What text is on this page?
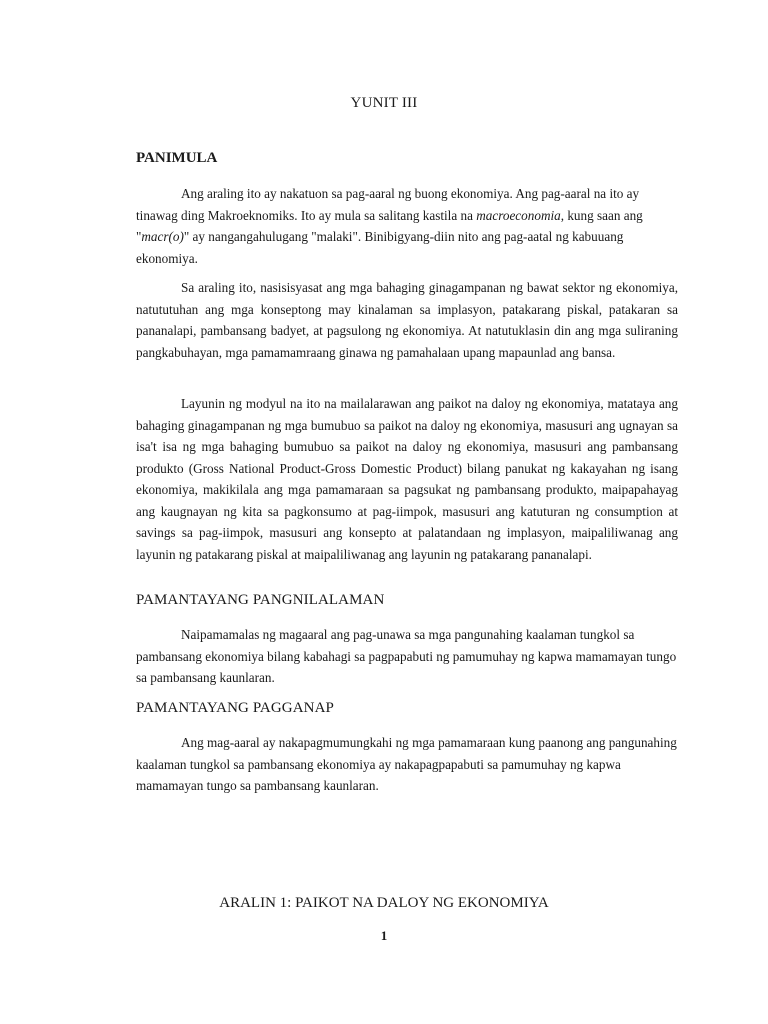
YUNIT III
PANIMULA

Ang araling ito ay nakatuon sa pag-aaral ng buong ekonomiya. Ang pag-aaral na ito ay tinawag ding Makroeknomiks. Ito ay mula sa salitang kastila na macroeconomia, kung saan ang "macr(o)" ay nangangahulugang "malaki". Binibigyang-diin nito ang pag-aatal ng kabuuang ekonomiya.

Sa araling ito, nasisisyasat ang mga bahaging ginagampanan ng bawat sektor ng ekonomiya, natututuhan ang mga konseptong may kinalaman sa implasyon, patakarang piskal, patakaran sa pananalapi, pambansang badyet, at pagsulong ng ekonomiya. At natutuklasin din ang mga suliraning pangkabuhayan, mga pamamamraang ginawa ng pamahalaan upang mapaunlad ang bansa.

Layunin ng modyul na ito na mailalarawan ang paikot na daloy ng ekonomiya, matataya ang bahaging ginagampanan ng mga bumubuo sa paikot na daloy ng ekonomiya, masusuri ang ugnayan sa isa't isa ng mga bahaging bumubuo sa paikot na daloy ng ekonomiya, masusuri ang pambansang produkto (Gross National Product-Gross Domestic Product) bilang panukat ng kakayahan ng isang ekonomiya, makikilala ang mga pamamaraan sa pagsukat ng pambansang produkto, maipapahayag ang kaugnayan ng kita sa pagkonsumo at pag-iimpok, masusuri ang katuturan ng consumption at savings sa pag-iimpok, masusuri ang konsepto at palatandaan ng implasyon, maipaliliwanag ang layunin ng patakarang piskal at maipaliliwanag ang layunin ng patakarang pananalapi.

PAMANTAYANG PANGNILALAMAN

Naipamamalas ng magaaral ang pag-unawa sa mga pangunahing kaalaman tungkol sa pambansang ekonomiya bilang kabahagi sa pagpapabuti ng pamumuhay ng kapwa mamamayan tungo sa pambansang kaunlaran.

PAMANTAYANG PAGGANAP

Ang mag-aaral ay nakapagmumungkahi ng mga pamamaraan kung paanong ang pangunahing kaalaman tungkol sa pambansang ekonomiya ay nakapagpapabuti sa pamumuhay ng kapwa mamamayan tungo sa pambansang kaunlaran.

ARALIN 1: PAIKOT NA DALOY NG EKONOMIYA
1
